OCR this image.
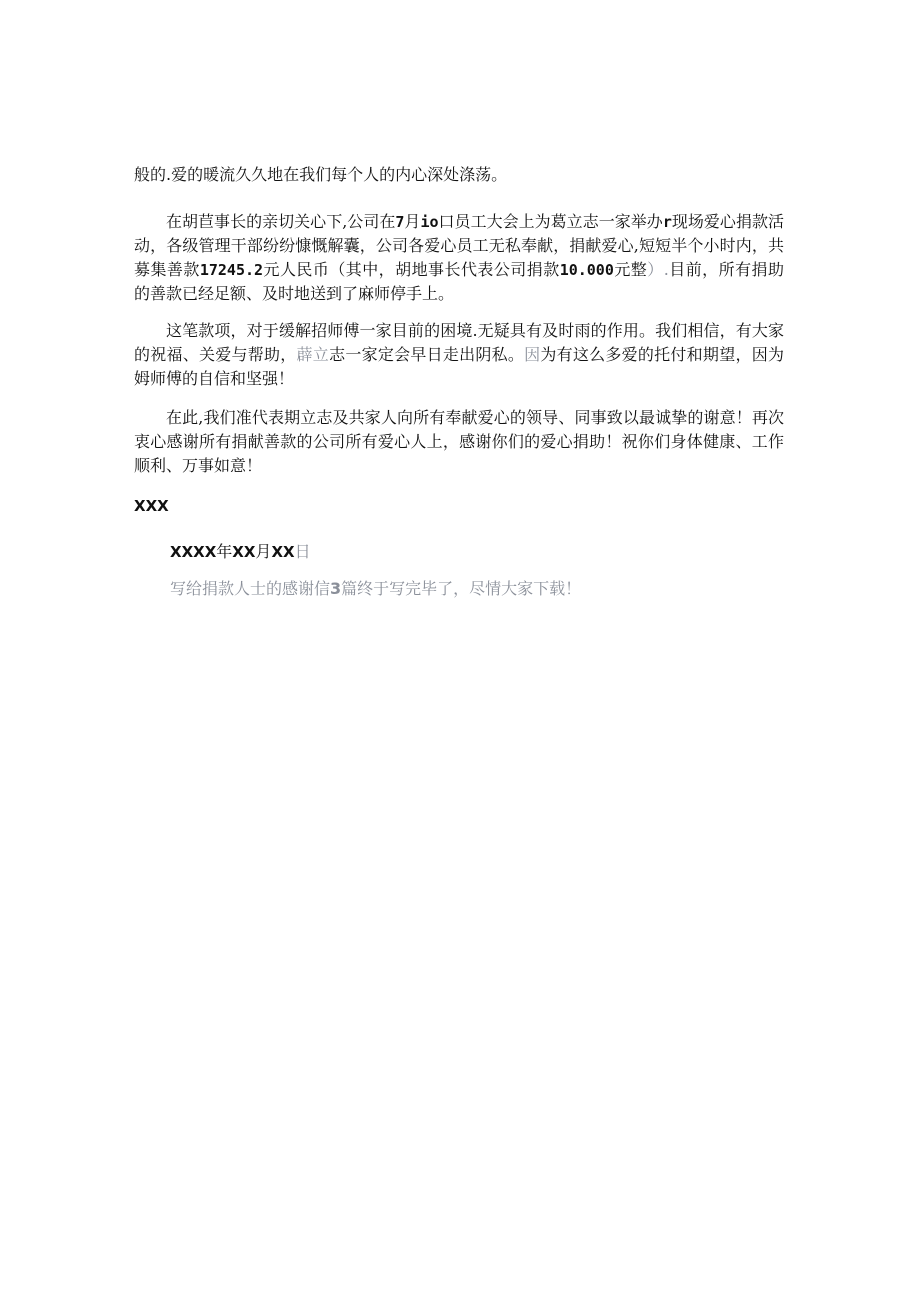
般的.爱的暖流久久地在我们每个人的内心深处涤荡。

在胡苣事长的亲切关心下,公司在7月io口员工大会上为葛立志一家举办r现场爱心捐款活动，各级管理干部纷纷慷慨解囊，公司各爱心员工无私奉献，捐献爱心,短短半个小时内，共募集善款17245.2元人民币（其中，胡地事长代表公司捐款10.000元整）.目前，所有捐助的善款已经足额、及时地送到了麻师停手上。

这笔款项，对于缓解招师傅一家目前的困境.无疑具有及时雨的作用。我们相信，有大家的祝福、关爱与帮助，薜立志一家定会早日走出阴私。因为有这么多爱的托付和期望，因为姆师傅的自信和坚强！

在此,我们准代表期立志及共家人向所有奉献爱心的领导、同事致以最诚挚的谢意！再次衷心感谢所有捐献善款的公司所有爱心人上，感谢你们的爱心捐助！祝你们身体健康、工作顺利、万事如意！

XXX
XXXX年XX月XX日
写给捐款人士的感谢信3篇终于写完毕了，尽情大家下载！
